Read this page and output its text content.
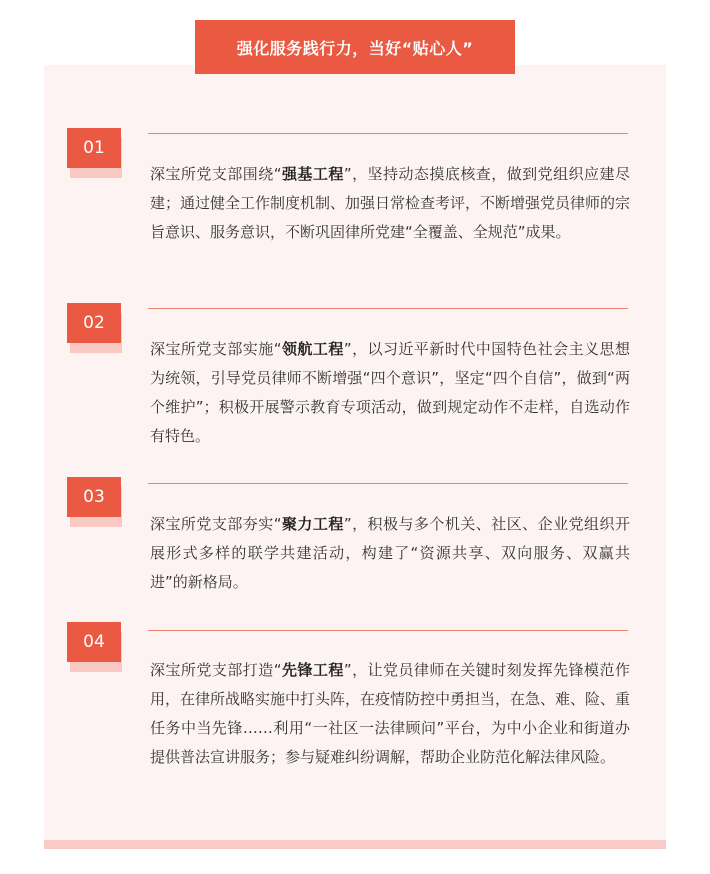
强化服务践行力，当好“贴心人”
01

深宝所党支部围绕“强基工程”，坚持动态摸底核查，做到党组织应建尽建；通过健全工作制度机制、加强日常检查考评，不断增强党员律师的宗旨意识、服务意识，不断巩固律所党建“全覆盖、全规范”成果。

02

深宝所党支部实施“领航工程”，以习近平新时代中国特色社会主义思想为统领，引导党员律师不断增强“四个意识”，坚定“四个自信”，做到“两个维护”；积极开展警示教育专项活动，做到规定动作不走样，自选动作有特色。

03

深宝所党支部夯实“聚力工程”，积极与多个机关、社区、企业党组织开展形式多样的联学共建活动，构建了“资源共享、双向服务、双赢共进”的新格局。

04

深宝所党支部打造“先锋工程”，让党员律师在关键时刻发挥先锋模范作用，在律所战略实施中打头阵，在疫情防控中勇担当，在急、难、险、重任务中当先锋……利用“一社区一法律顾问”平台，为中小企业和街道办提供普法宣讲服务；参与疑难纠纷调解，帮助企业防范化解法律风险。
